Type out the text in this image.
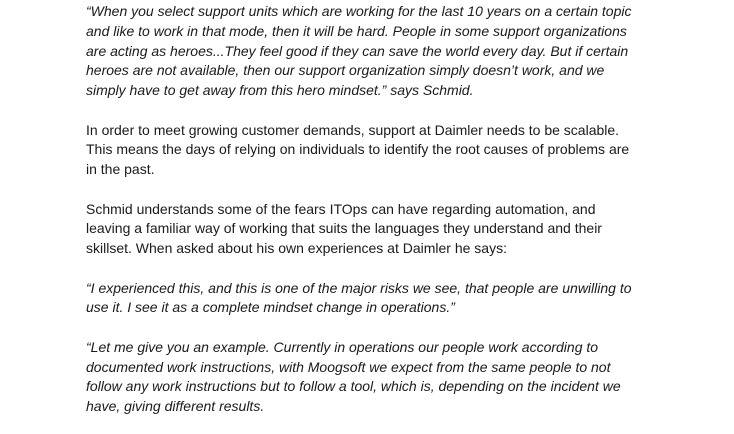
“When you select support units which are working for the last 10 years on a certain topic
and like to work in that mode, then it will be hard. People in some support organizations
are acting as heroes...They feel good if they can save the world every day. But if certain
heroes are not available, then our support organization simply doesn’t work, and we
simply have to get away from this hero mindset.” says Schmid.

In order to meet growing customer demands, support at Daimler needs to be scalable.
This means the days of relying on individuals to identify the root causes of problems are
in the past.

Schmid understands some of the fears ITOps can have regarding automation, and
leaving a familiar way of working that suits the languages they understand and their
skillset. When asked about his own experiences at Daimler he says:

“I experienced this, and this is one of the major risks we see, that people are unwilling to
use it. I see it as a complete mindset change in operations.”

“Let me give you an example. Currently in operations our people work according to
documented work instructions, with Moogsoft we expect from the same people to not
follow any work instructions but to follow a tool, which is, depending on the incident we
have, giving different results.
